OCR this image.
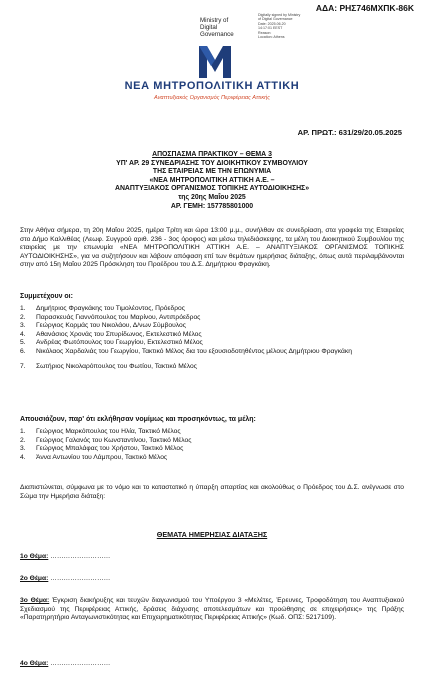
ΑΔΑ: ΡΗΣ746ΜΧΠΚ-86Κ
Ministry of
Digital
Governance
Digitally signed by Ministry
of Digital Governance
Date: 2025.06.20
14:17:01 EEST
Reason:
Location: Athens
ΝΕΑ ΜΗΤΡΟΠΟΛΙΤΙΚΗ ΑΤΤΙΚΗ
Αναπτυξιακός Οργανισμός Περιφέρειας Αττικής
ΑΡ. ΠΡΩΤ.: 631/29/20.05.2025
ΑΠΟΣΠΑΣΜΑ ΠΡΑΚΤΙΚΟΥ – ΘΕΜΑ 3
ΥΠ' ΑΡ. 29 ΣΥΝΕΔΡΙΑΣΗΣ ΤΟΥ ΔΙΟΙΚΗΤΙΚΟΥ ΣΥΜΒΟΥΛΙΟΥ
ΤΗΣ ΕΤΑΙΡΕΙΑΣ ΜΕ ΤΗΝ ΕΠΩΝΥΜΙΑ
«ΝΕΑ ΜΗΤΡΟΠΟΛΙΤΙΚΗ ΑΤΤΙΚΗ Α.Ε. –
ΑΝΑΠΤΥΞΙΑΚΟΣ ΟΡΓΑΝΙΣΜΟΣ ΤΟΠΙΚΗΣ ΑΥΤΟΔΙΟΙΚΗΣΗΣ»
της 20ης Μαΐου 2025
ΑΡ. ΓΕΜΗ: 157785801000
Στην Αθήνα σήμερα, τη 20η Μαΐου 2025, ημέρα Τρίτη και ώρα 13:00 μ.μ., συνήλθαν σε συνεδρίαση, στα γραφεία της Εταιρείας στο Δήμο Καλλιθέας (Λεωφ. Συγγρού αριθ. 236 - 3ος όροφος) και μέσω τηλεδιάσκεψης, τα μέλη του Διοικητικού Συμβουλίου της εταιρείας με την επωνυμία «ΝΕΑ ΜΗΤΡΟΠΟΛΙΤΙΚΗ ΑΤΤΙΚΗ Α.Ε. – ΑΝΑΠΤΥΞΙΑΚΟΣ ΟΡΓΑΝΙΣΜΟΣ ΤΟΠΙΚΗΣ ΑΥΤΟΔΙΟΙΚΗΣΗΣ», για να συζητήσουν και λάβουν απόφαση επί των θεμάτων ημερήσιας διάταξης, όπως αυτά περιλαμβάνονται στην από 15η Μαΐου 2025 Πρόσκληση του Προέδρου του Δ.Σ. Δημήτριου Φραγκάκη.
Συμμετέχουν οι:
1.	Δημήτριος Φραγκάκης του Τιμολέοντος, Πρόεδρος
2.	Παρασκευάς Γιαννόπουλος του Μαρίνου, Αντιπρόεδρος
3.	Γεώργιος Κορμάς του Νικολάου, Δ/νων Σύμβουλος
4.	Αθανάσιος Χρονάς του Σπυρίδωνος, Εκτελεστικό Μέλος
5.	Ανδρέας Φωτόπουλος του Γεωργίου, Εκτελεστικό Μέλος
6.	Νικόλαος Χαρδαλιάς του Γεωργίου, Τακτικό Μέλος δια του εξουσιοδοτηθέντος μέλους Δημήτριου Φραγκάκη
7.	Σωτήριος Νικολαρόπουλος του Φωτίου, Τακτικό Μέλος
Απουσιάζουν, παρ' ότι εκλήθησαν νομίμως και προσηκόντως, τα μέλη:
1.	Γεώργιος Μαρκόπουλος του Ηλία, Τακτικό Μέλος
2.	Γεώργιος Γαλανός του Κωνσταντίνου, Τακτικό Μέλος
3.	Γεώργιος Μπαλάφας του Χρήστου, Τακτικό Μέλος
4.	Άννα Αντωνίου του Λάμπρου, Τακτικό Μέλος
Διαπιστώνεται, σύμφωνα με το νόμο και το καταστατικό η ύπαρξη απαρτίας και ακολούθως ο Πρόεδρος του Δ.Σ. ανέγνωσε στο Σώμα την Ημερήσια διάταξη:
ΘΕΜΑΤΑ ΗΜΕΡΗΣΙΑΣ ΔΙΑΤΑΞΗΣ
1ο Θέμα: ………………………
2ο Θέμα: ………………………
3ο Θέμα: Έγκριση διακήρυξης και τευχών διαγωνισμού του Υποέργου 3 «Μελέτες, Έρευνες, Τροφοδότηση του Αναπτυξιακού Σχεδιασμού της Περιφέρειας Αττικής, δράσεις διάχυσης αποτελεσμάτων και προώθησης σε επιχειρήσεις» της Πράξης «Παρατηρητήριο Ανταγωνιστικότητας και Επιχειρηματικότητας Περιφέρειας Αττικής» (Κωδ. ΟΠΣ: 5217109).
4ο Θέμα: ………………………
